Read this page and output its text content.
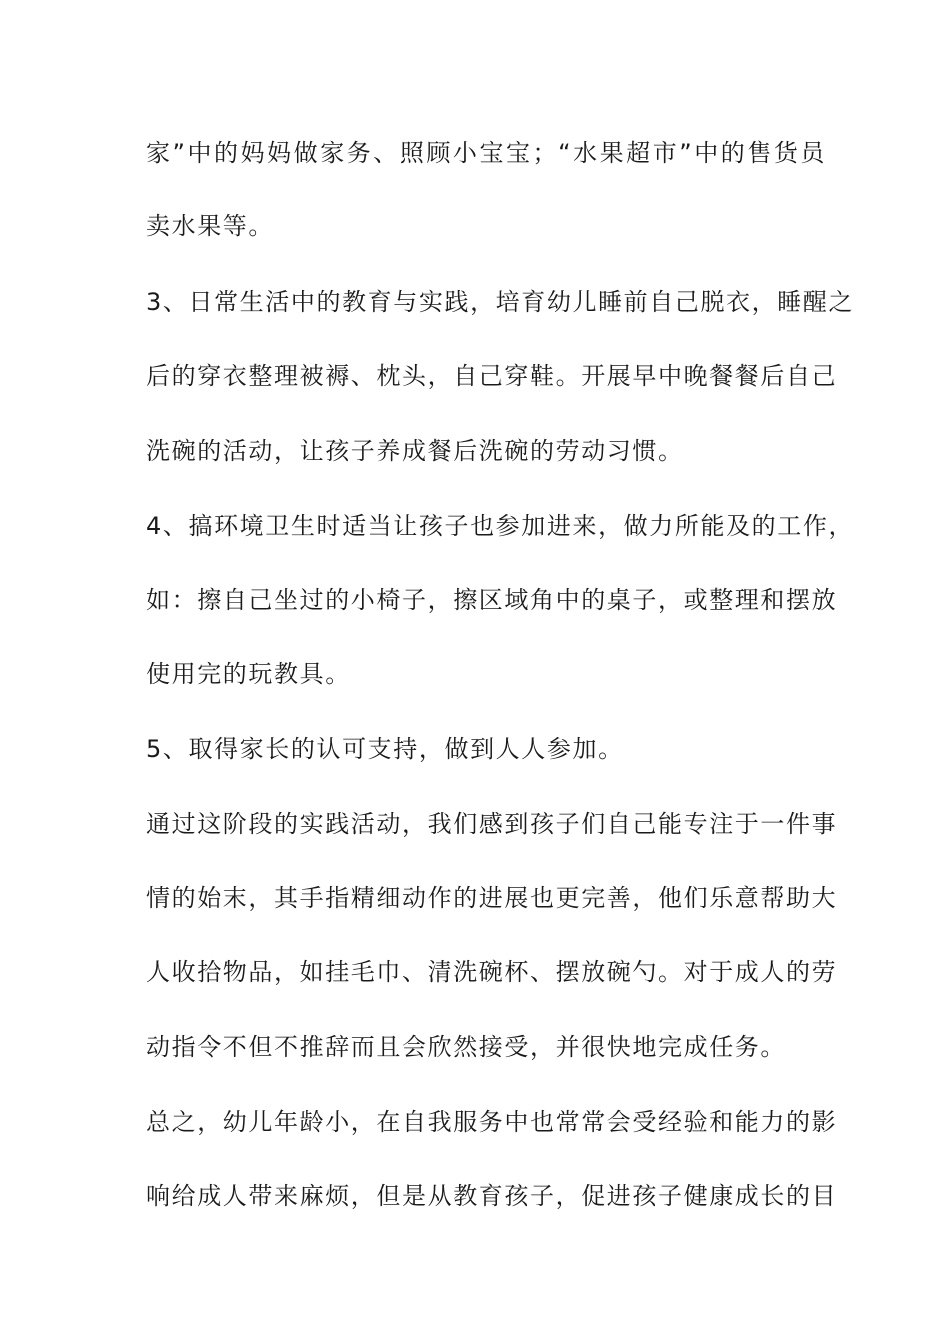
家”中的妈妈做家务、照顾小宝宝；“水果超市”中的售货员
卖水果等。
3、日常生活中的教育与实践，培育幼儿睡前自己脱衣，睡醒之
后的穿衣整理被褥、枕头，自己穿鞋。开展早中晚餐餐后自己
洗碗的活动，让孩子养成餐后洗碗的劳动习惯。
4、搞环境卫生时适当让孩子也参加进来，做力所能及的工作，
如：擦自己坐过的小椅子，擦区域角中的桌子，或整理和摆放
使用完的玩教具。
5、取得家长的认可支持，做到人人参加。
通过这阶段的实践活动，我们感到孩子们自己能专注于一件事
情的始末，其手指精细动作的进展也更完善，他们乐意帮助大
人收拾物品，如挂毛巾、清洗碗杯、摆放碗勺。对于成人的劳
动指令不但不推辞而且会欣然接受，并很快地完成任务。
总之，幼儿年龄小，在自我服务中也常常会受经验和能力的影
响给成人带来麻烦，但是从教育孩子，促进孩子健康成长的目
